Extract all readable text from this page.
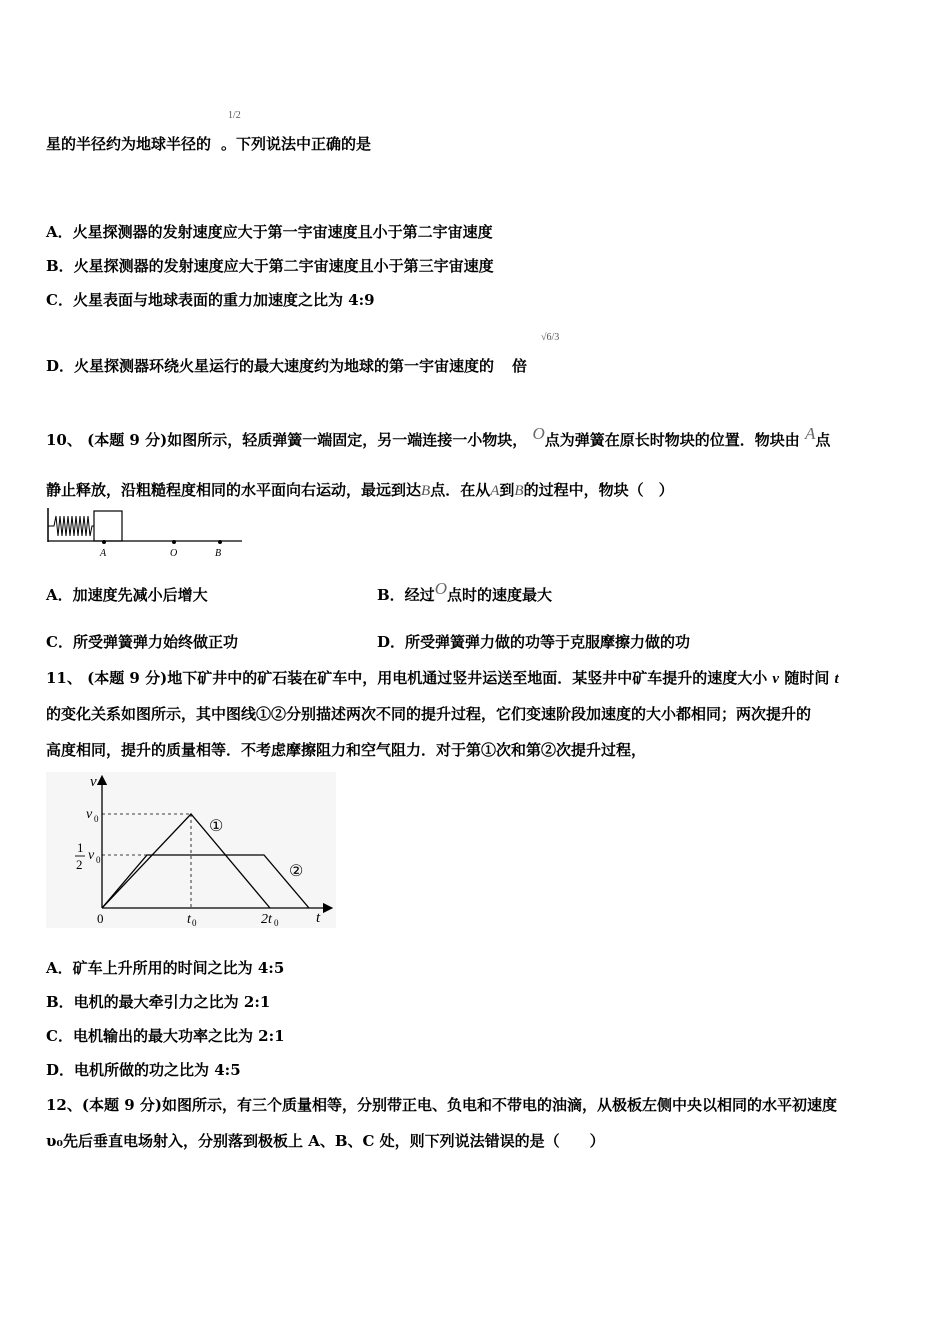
星的半径约为地球半径的 。下列说法中正确的是
1/2
A．火星探测器的发射速度应大于第一宇宙速度且小于第二宇宙速度
B．火星探测器的发射速度应大于第二宇宙速度且小于第三宇宙速度
C．火星表面与地球表面的重力加速度之比为 4:9
D．火星探测器环绕火星运行的最大速度约为地球的第一宇宙速度的 倍
√6/3
10、 (本题 9 分)如图所示，轻质弹簧一端固定，另一端连接一小物块， O点为弹簧在原长时物块的位置．物块由 A点
静止释放，沿粗糙程度相同的水平面向右运动，最远到达B点．在从A到B的过程中，物块（　）
A	O	B
A．加速度先减小后增大	B．经过O点时的速度最大
C．所受弹簧弹力始终做正功	D．所受弹簧弹力做的功等于克服摩擦力做的功
11、 (本题 9 分)地下矿井中的矿石装在矿车中，用电机通过竖井运送至地面．某竖井中矿车提升的速度大小 v 随时间 t
的变化关系如图所示，其中图线①②分别描述两次不同的提升过程，它们变速阶段加速度的大小都相同；两次提升的
高度相同，提升的质量相等．不考虑摩擦阻力和空气阻力．对于第①次和第②次提升过程，
v
t
0
v 0
1
2
v 0
t 0	2t 0
①
②
A．矿车上升所用的时间之比为 4:5
B．电机的最大牵引力之比为 2:1
C．电机输出的最大功率之比为 2:1
D．电机所做的功之比为 4:5
12、(本题 9 分)如图所示，有三个质量相等，分别带正电、负电和不带电的油滴，从极板左侧中央以相同的水平初速度
υ₀先后垂直电场射入，分别落到极板上 A、B、C 处，则下列说法错误的是（　　）
